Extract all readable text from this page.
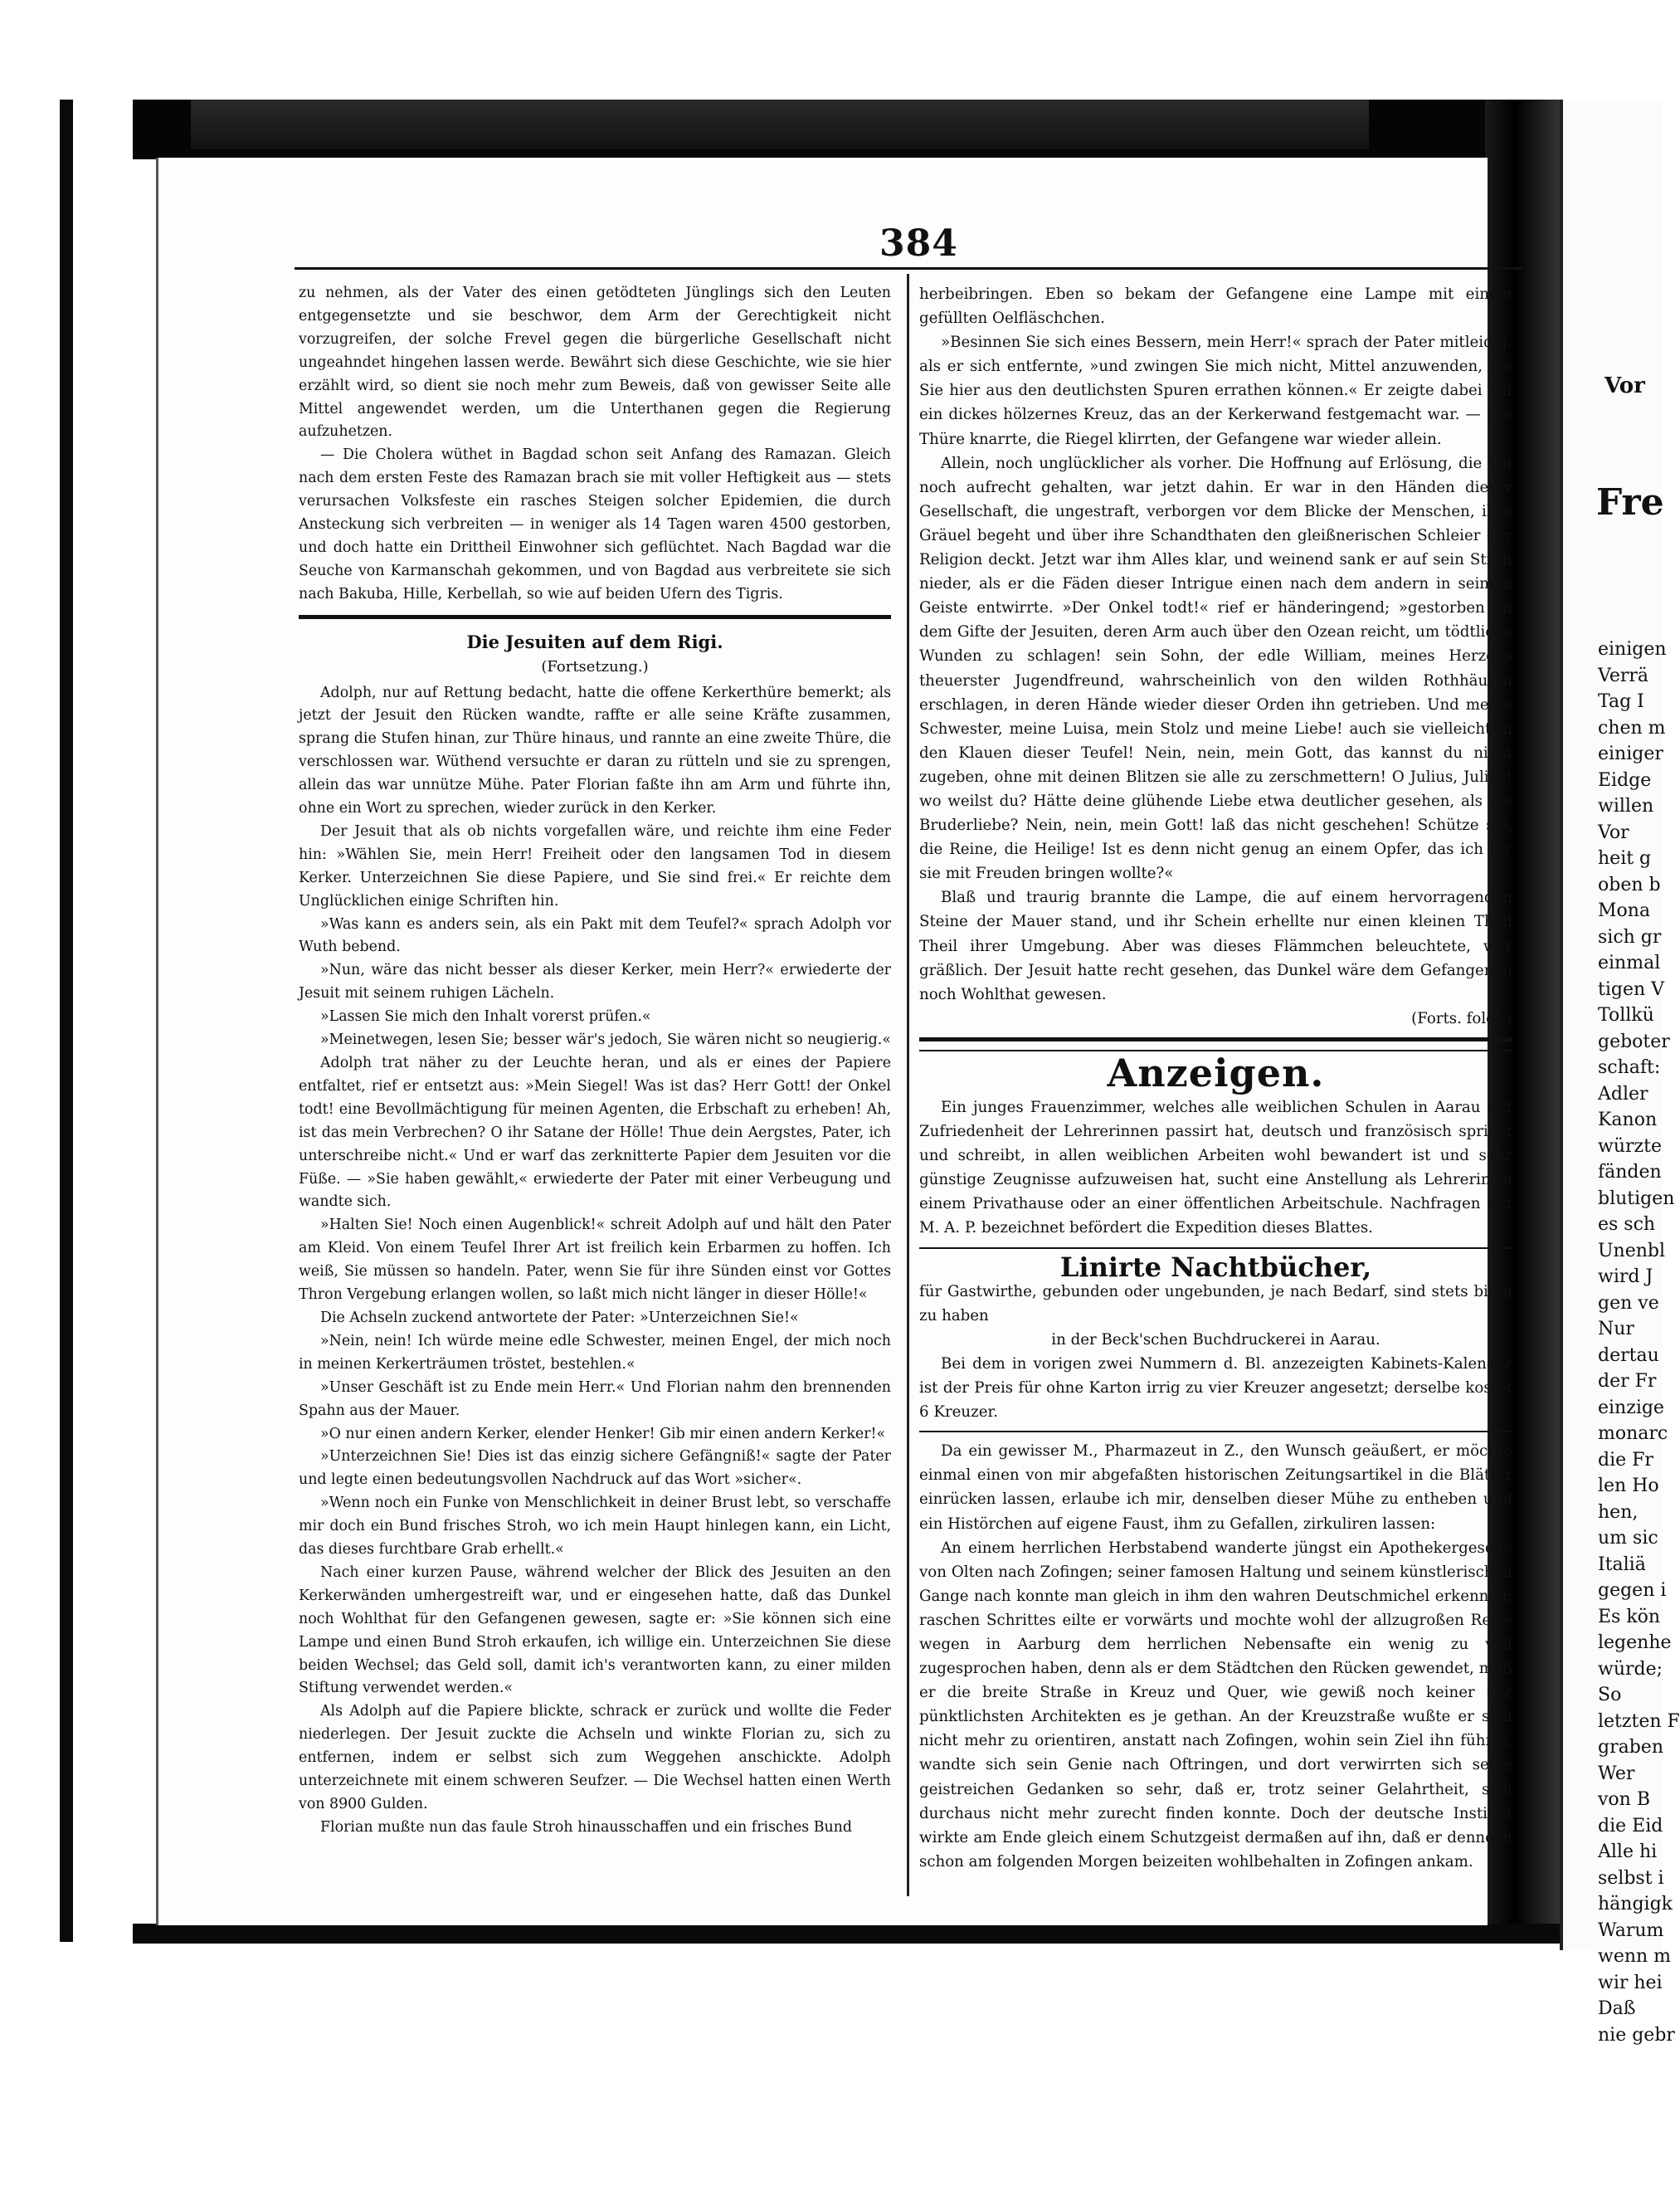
Vor
Fre
einigen
Verrä
Tag I
chen m
einiger
Eidge
willen
Vor
heit g
oben b
Mona
sich gr
einmal
tigen V
Tollkü
geboter
schaft:
Adler
Kanon
würzte
fänden
blutigen
es sch
Unenbl
wird J
gen ve
Nur
dertau
der Fr
einzige
monarc
die Fr
len Ho
hen,
um sic
Italiä
gegen i
Es kön
legenhe
würde;
So
letzten F
graben
Wer
von B
die Eid
Alle hi
selbst i
hängigk
Warum
wenn m
wir hei
Daß
nie gebr
384

zu nehmen, als der Vater des einen getödteten Jünglings sich den Leuten entgegensetzte und sie beschwor, dem Arm der Gerechtigkeit nicht vorzugreifen, der solche Frevel gegen die bürgerliche Gesellschaft nicht ungeahndet hingehen lassen werde. Bewährt sich diese Geschichte, wie sie hier erzählt wird, so dient sie noch mehr zum Beweis, daß von gewisser Seite alle Mittel angewendet werden, um die Unterthanen gegen die Regierung aufzuhetzen.

— Die Cholera wüthet in Bagdad schon seit Anfang des Ramazan. Gleich nach dem ersten Feste des Ramazan brach sie mit voller Heftigkeit aus — stets verursachen Volksfeste ein rasches Steigen solcher Epidemien, die durch Ansteckung sich verbreiten — in weniger als 14 Tagen waren 4500 gestorben, und doch hatte ein Drittheil Einwohner sich geflüchtet. Nach Bagdad war die Seuche von Karmanschah gekommen, und von Bagdad aus verbreitete sie sich nach Bakuba, Hille, Kerbellah, so wie auf beiden Ufern des Tigris.

Die Jesuiten auf dem Rigi.

(Fortsetzung.)

Adolph, nur auf Rettung bedacht, hatte die offene Kerkerthüre bemerkt; als jetzt der Jesuit den Rücken wandte, raffte er alle seine Kräfte zusammen, sprang die Stufen hinan, zur Thüre hinaus, und rannte an eine zweite Thüre, die verschlossen war. Wüthend versuchte er daran zu rütteln und sie zu sprengen, allein das war unnütze Mühe. Pater Florian faßte ihn am Arm und führte ihn, ohne ein Wort zu sprechen, wieder zurück in den Kerker.

Der Jesuit that als ob nichts vorgefallen wäre, und reichte ihm eine Feder hin: »Wählen Sie, mein Herr! Freiheit oder den langsamen Tod in diesem Kerker. Unterzeichnen Sie diese Papiere, und Sie sind frei.« Er reichte dem Unglücklichen einige Schriften hin.

»Was kann es anders sein, als ein Pakt mit dem Teufel?« sprach Adolph vor Wuth bebend.

»Nun, wäre das nicht besser als dieser Kerker, mein Herr?« erwiederte der Jesuit mit seinem ruhigen Lächeln.

»Lassen Sie mich den Inhalt vorerst prüfen.«

»Meinetwegen, lesen Sie; besser wär's jedoch, Sie wären nicht so neugierig.«

Adolph trat näher zu der Leuchte heran, und als er eines der Papiere entfaltet, rief er entsetzt aus: »Mein Siegel! Was ist das? Herr Gott! der Onkel todt! eine Bevollmächtigung für meinen Agenten, die Erbschaft zu erheben! Ah, ist das mein Verbrechen? O ihr Satane der Hölle! Thue dein Aergstes, Pater, ich unterschreibe nicht.« Und er warf das zerknitterte Papier dem Jesuiten vor die Füße. — »Sie haben gewählt,« erwiederte der Pater mit einer Verbeugung und wandte sich.

»Halten Sie! Noch einen Augenblick!« schreit Adolph auf und hält den Pater am Kleid. Von einem Teufel Ihrer Art ist freilich kein Erbarmen zu hoffen. Ich weiß, Sie müssen so handeln. Pater, wenn Sie für ihre Sünden einst vor Gottes Thron Vergebung erlangen wollen, so laßt mich nicht länger in dieser Hölle!«

Die Achseln zuckend antwortete der Pater: »Unterzeichnen Sie!«

»Nein, nein! Ich würde meine edle Schwester, meinen Engel, der mich noch in meinen Kerkerträumen tröstet, bestehlen.«

»Unser Geschäft ist zu Ende mein Herr.« Und Florian nahm den brennenden Spahn aus der Mauer.

»O nur einen andern Kerker, elender Henker! Gib mir einen andern Kerker!«

»Unterzeichnen Sie! Dies ist das einzig sichere Gefängniß!« sagte der Pater und legte einen bedeutungsvollen Nachdruck auf das Wort »sicher«.

»Wenn noch ein Funke von Menschlichkeit in deiner Brust lebt, so verschaffe mir doch ein Bund frisches Stroh, wo ich mein Haupt hinlegen kann, ein Licht, das dieses furchtbare Grab erhellt.«

Nach einer kurzen Pause, während welcher der Blick des Jesuiten an den Kerkerwänden umhergestreift war, und er eingesehen hatte, daß das Dunkel noch Wohlthat für den Gefangenen gewesen, sagte er: »Sie können sich eine Lampe und einen Bund Stroh erkaufen, ich willige ein. Unterzeichnen Sie diese beiden Wechsel; das Geld soll, damit ich's verantworten kann, zu einer milden Stiftung verwendet werden.«

Als Adolph auf die Papiere blickte, schrack er zurück und wollte die Feder niederlegen. Der Jesuit zuckte die Achseln und winkte Florian zu, sich zu entfernen, indem er selbst sich zum Weggehen anschickte. Adolph unterzeichnete mit einem schweren Seufzer. — Die Wechsel hatten einen Werth von 8900 Gulden.

Florian mußte nun das faule Stroh hinausschaffen und ein frisches Bund

herbeibringen. Eben so bekam der Gefangene eine Lampe mit einem gefüllten Oelfläschchen.

»Besinnen Sie sich eines Bessern, mein Herr!« sprach der Pater mitleidig, als er sich entfernte, »und zwingen Sie mich nicht, Mittel anzuwenden, die Sie hier aus den deutlichsten Spuren errathen können.« Er zeigte dabei auf ein dickes hölzernes Kreuz, das an der Kerkerwand festgemacht war. — Die Thüre knarrte, die Riegel klirrten, der Gefangene war wieder allein.

Allein, noch unglücklicher als vorher. Die Hoffnung auf Erlösung, die ihn noch aufrecht gehalten, war jetzt dahin. Er war in den Händen dieser Gesellschaft, die ungestraft, verborgen vor dem Blicke der Menschen, ihre Gräuel begeht und über ihre Schandthaten den gleißnerischen Schleier der Religion deckt. Jetzt war ihm Alles klar, und weinend sank er auf sein Stroh nieder, als er die Fäden dieser Intrigue einen nach dem andern in seinem Geiste entwirrte. »Der Onkel todt!« rief er händeringend; »gestorben an dem Gifte der Jesuiten, deren Arm auch über den Ozean reicht, um tödtliche Wunden zu schlagen! sein Sohn, der edle William, meines Herzens theuerster Jugendfreund, wahrscheinlich von den wilden Rothhäuten erschlagen, in deren Hände wieder dieser Orden ihn getrieben. Und meine Schwester, meine Luisa, mein Stolz und meine Liebe! auch sie vielleicht in den Klauen dieser Teufel! Nein, nein, mein Gott, das kannst du nicht zugeben, ohne mit deinen Blitzen sie alle zu zerschmettern! O Julius, Julius! wo weilst du? Hätte deine glühende Liebe etwa deutlicher gesehen, als die Bruderliebe? Nein, nein, mein Gott! laß das nicht geschehen! Schütze sie, die Reine, die Heilige! Ist es denn nicht genug an einem Opfer, das ich für sie mit Freuden bringen wollte?«

Blaß und traurig brannte die Lampe, die auf einem hervorragenden Steine der Mauer stand, und ihr Schein erhellte nur einen kleinen Theil Theil ihrer Umgebung. Aber was dieses Flämmchen beleuchtete, war gräßlich. Der Jesuit hatte recht gesehen, das Dunkel wäre dem Gefangenen noch Wohlthat gewesen.

(Forts. folgt.)

Anzeigen.

Ein junges Frauenzimmer, welches alle weiblichen Schulen in Aarau mit Zufriedenheit der Lehrerinnen passirt hat, deutsch und französisch spricht und schreibt, in allen weiblichen Arbeiten wohl bewandert ist und sehr günstige Zeugnisse aufzuweisen hat, sucht eine Anstellung als Lehrerin in einem Privathause oder an einer öffentlichen Arbeitschule. Nachfragen mit M. A. P. bezeichnet befördert die Expedition dieses Blattes.

Linirte Nachtbücher,

für Gastwirthe, gebunden oder ungebunden, je nach Bedarf, sind stets billig zu haben

in der Beck'schen Buchdruckerei in Aarau.

Bei dem in vorigen zwei Nummern d. Bl. anzezeigten Kabinets-Kalender ist der Preis für ohne Karton irrig zu vier Kreuzer angesetzt; derselbe kostet 6 Kreuzer.

Da ein gewisser M., Pharmazeut in Z., den Wunsch geäußert, er möchte einmal einen von mir abgefaßten historischen Zeitungsartikel in die Blätter einrücken lassen, erlaube ich mir, denselben dieser Mühe zu entheben und ein Histörchen auf eigene Faust, ihm zu Gefallen, zirkuliren lassen:

An einem herrlichen Herbstabend wanderte jüngst ein Apothekergeselle von Olten nach Zofingen; seiner famosen Haltung und seinem künstlerischen Gange nach konnte man gleich in ihm den wahren Deutschmichel erkennen; raschen Schrittes eilte er vorwärts und mochte wohl der allzugroßen Reise wegen in Aarburg dem herrlichen Nebensafte ein wenig zu viel zugesprochen haben, denn als er dem Städtchen den Rücken gewendet, maß er die breite Straße in Kreuz und Quer, wie gewiß noch keiner der pünktlichsten Architekten es je gethan. An der Kreuzstraße wußte er sich nicht mehr zu orientiren, anstatt nach Zofingen, wohin sein Ziel ihn führte, wandte sich sein Genie nach Oftringen, und dort verwirrten sich seine geistreichen Gedanken so sehr, daß er, trotz seiner Gelahrtheit, sich durchaus nicht mehr zurecht finden konnte. Doch der deutsche Instinkt wirkte am Ende gleich einem Schutzgeist dermaßen auf ihn, daß er dennoch schon am folgenden Morgen beizeiten wohlbehalten in Zofingen ankam.
